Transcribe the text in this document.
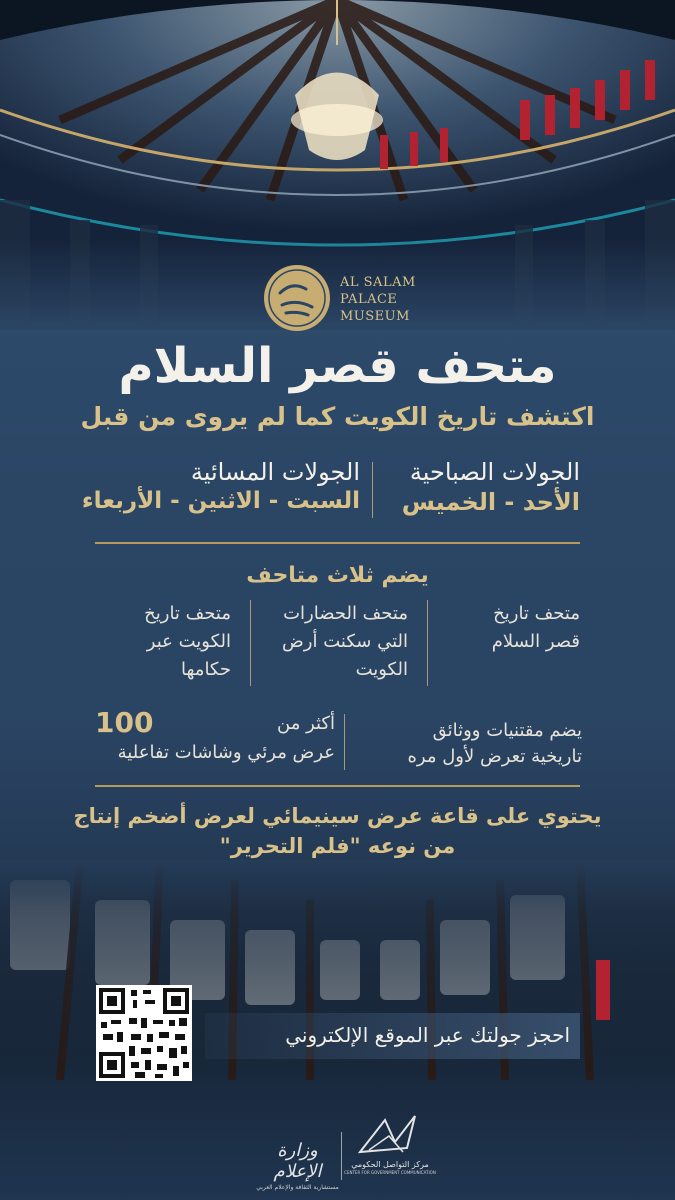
AL SALAM
PALACE
MUSEUM
متحف قصر السلام
اكتشف تاريخ الكويت كما لم يروى من قبل
الجولات الصباحية
الأحد - الخميس
الجولات المسائية
السبت - الاثنين - الأربعاء
يضم ثلاث متاحف
متحف تاريخ
قصر السلام
متحف الحضارات
التي سكنت أرض
الكويت
متحف تاريخ
الكويت عبر
حكامها
يضم مقتنيات ووثائق
تاريخية تعرض لأول مره
100	أكثر من
عرض مرئي وشاشات تفاعلية
يحتوي على قاعة عرض سينيمائي لعرض أضخم إنتاج
من نوعه "فلم التحرير"
احجز جولتك عبر الموقع الإلكتروني
وزارة الإعلام
مستشارية الثقافة والإعلام العربي
مركز التواصل الحكومي
CENTER FOR GOVERNMENT COMMUNICATION
